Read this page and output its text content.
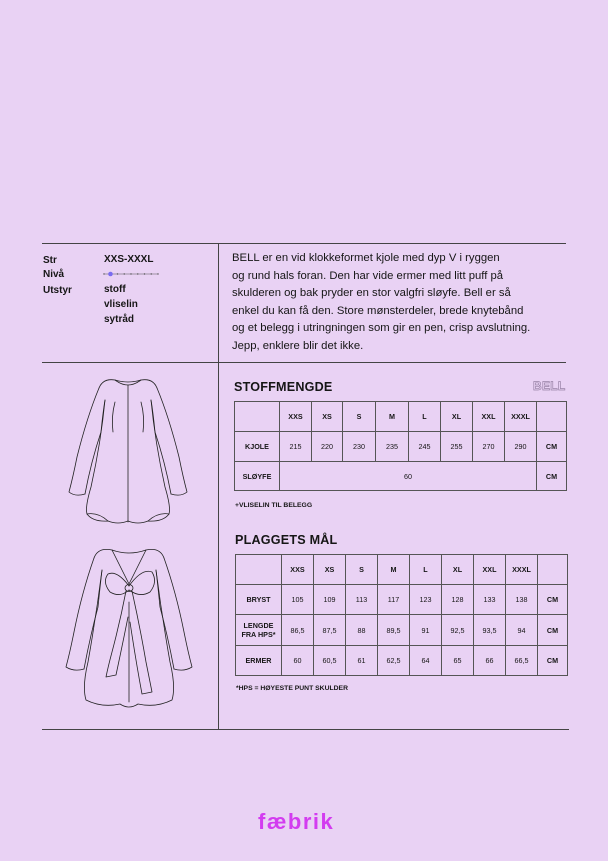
Str	XXS-XXXL
Nivå
Utstyr	stoff
vliselin
sytråd
BELL er en vid klokkeformet kjole med dyp V i ryggen
og rund hals foran. Den har vide ermer med litt puff på
skulderen og bak pryder en stor valgfri sløyfe. Bell er så
enkel du kan få den. Store mønsterdeler, brede knytebånd
og et belegg i utringningen som gir en pen, crisp avslutning.
Jepp, enklere blir det ikke.
STOFFMENGDE	BELL
	XXS	XS	S	M	L	XL	XXL	XXXL	
KJOLE	215	220	230	235	245	255	270	290	CM
SLØYFE	60								CM
+VLISELIN TIL BELEGG
PLAGGETS MÅL
	XXS	XS	S	M	L	XL	XXL	XXXL	
BRYST	105	109	113	117	123	128	133	138	CM

LENGDE
FRA HPS*	86,5	87,5	88	89,5	91	92,5	93,5	94	CM
ERMER	60	60,5	61	62,5	64	65	66	66,5	CM
*HPS = HØYESTE PUNT SKULDER
fæbrik
